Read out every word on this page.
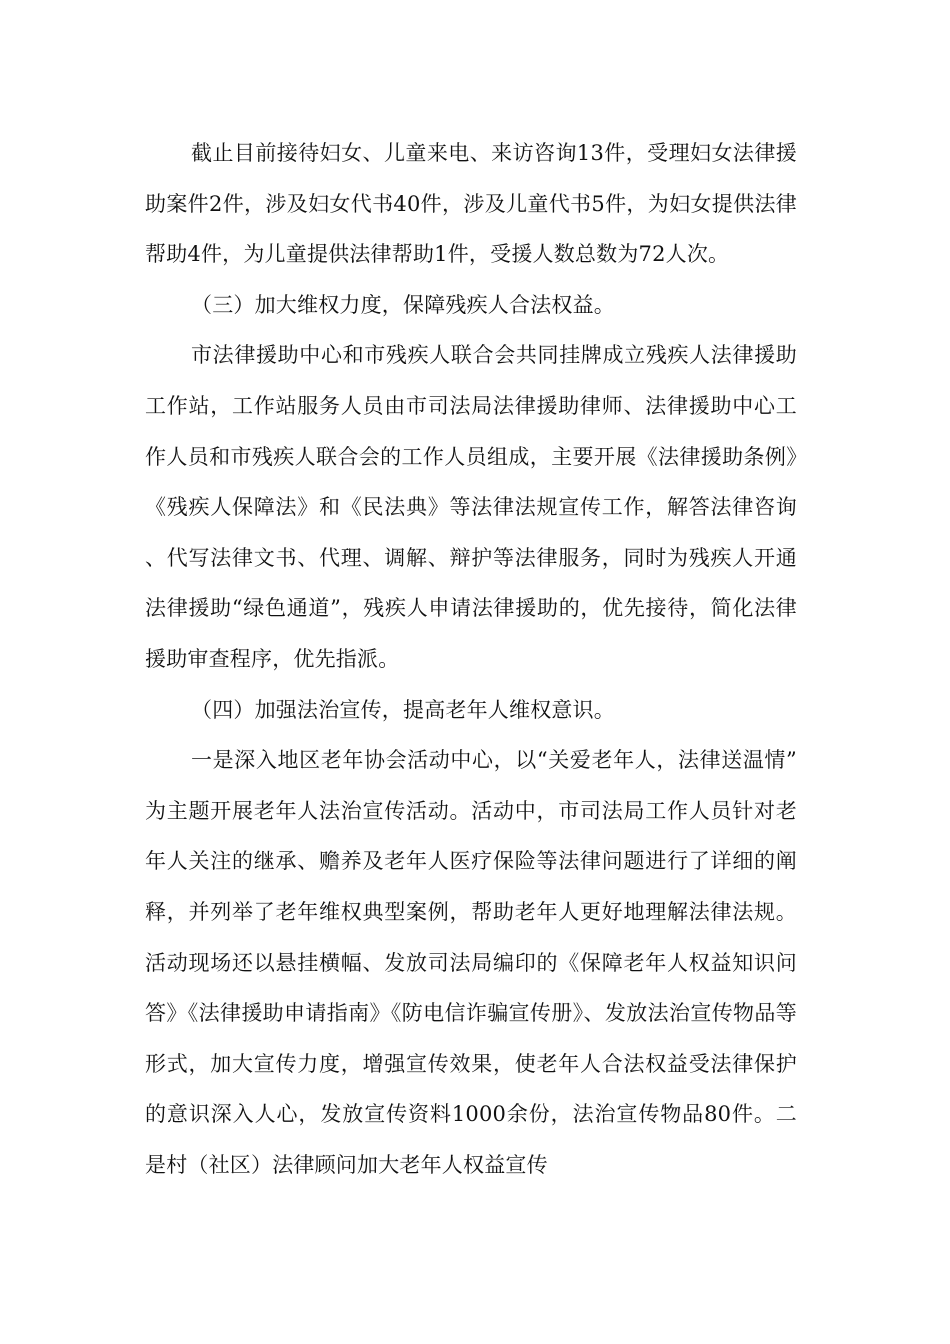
截止目前接待妇女、儿童来电、来访咨询13件，受理妇女法律援助案件2件，涉及妇女代书40件，涉及儿童代书5件，为妇女提供法律帮助4件，为儿童提供法律帮助1件，受援人数总数为72人次。

（三）加大维权力度，保障残疾人合法权益。

市法律援助中心和市残疾人联合会共同挂牌成立残疾人法律援助工作站，工作站服务人员由市司法局法律援助律师、法律援助中心工作人员和市残疾人联合会的工作人员组成，主要开展《法律援助条例》《残疾人保障法》和《民法典》等法律法规宣传工作，解答法律咨询、代写法律文书、代理、调解、辩护等法律服务，同时为残疾人开通法律援助“绿色通道”，残疾人申请法律援助的，优先接待，简化法律援助审查程序，优先指派。

（四）加强法治宣传，提高老年人维权意识。

一是深入地区老年协会活动中心，以“关爱老年人，法律送温情”为主题开展老年人法治宣传活动。活动中，市司法局工作人员针对老年人关注的继承、赡养及老年人医疗保险等法律问题进行了详细的阐释，并列举了老年维权典型案例，帮助老年人更好地理解法律法规。活动现场还以悬挂横幅、发放司法局编印的《保障老年人权益知识问答》《法律援助申请指南》《防电信诈骗宣传册》、发放法治宣传物品等形式，加大宣传力度，增强宣传效果，使老年人合法权益受法律保护的意识深入人心，发放宣传资料1000余份，法治宣传物品80件。二是村（社区）法律顾问加大老年人权益宣传
